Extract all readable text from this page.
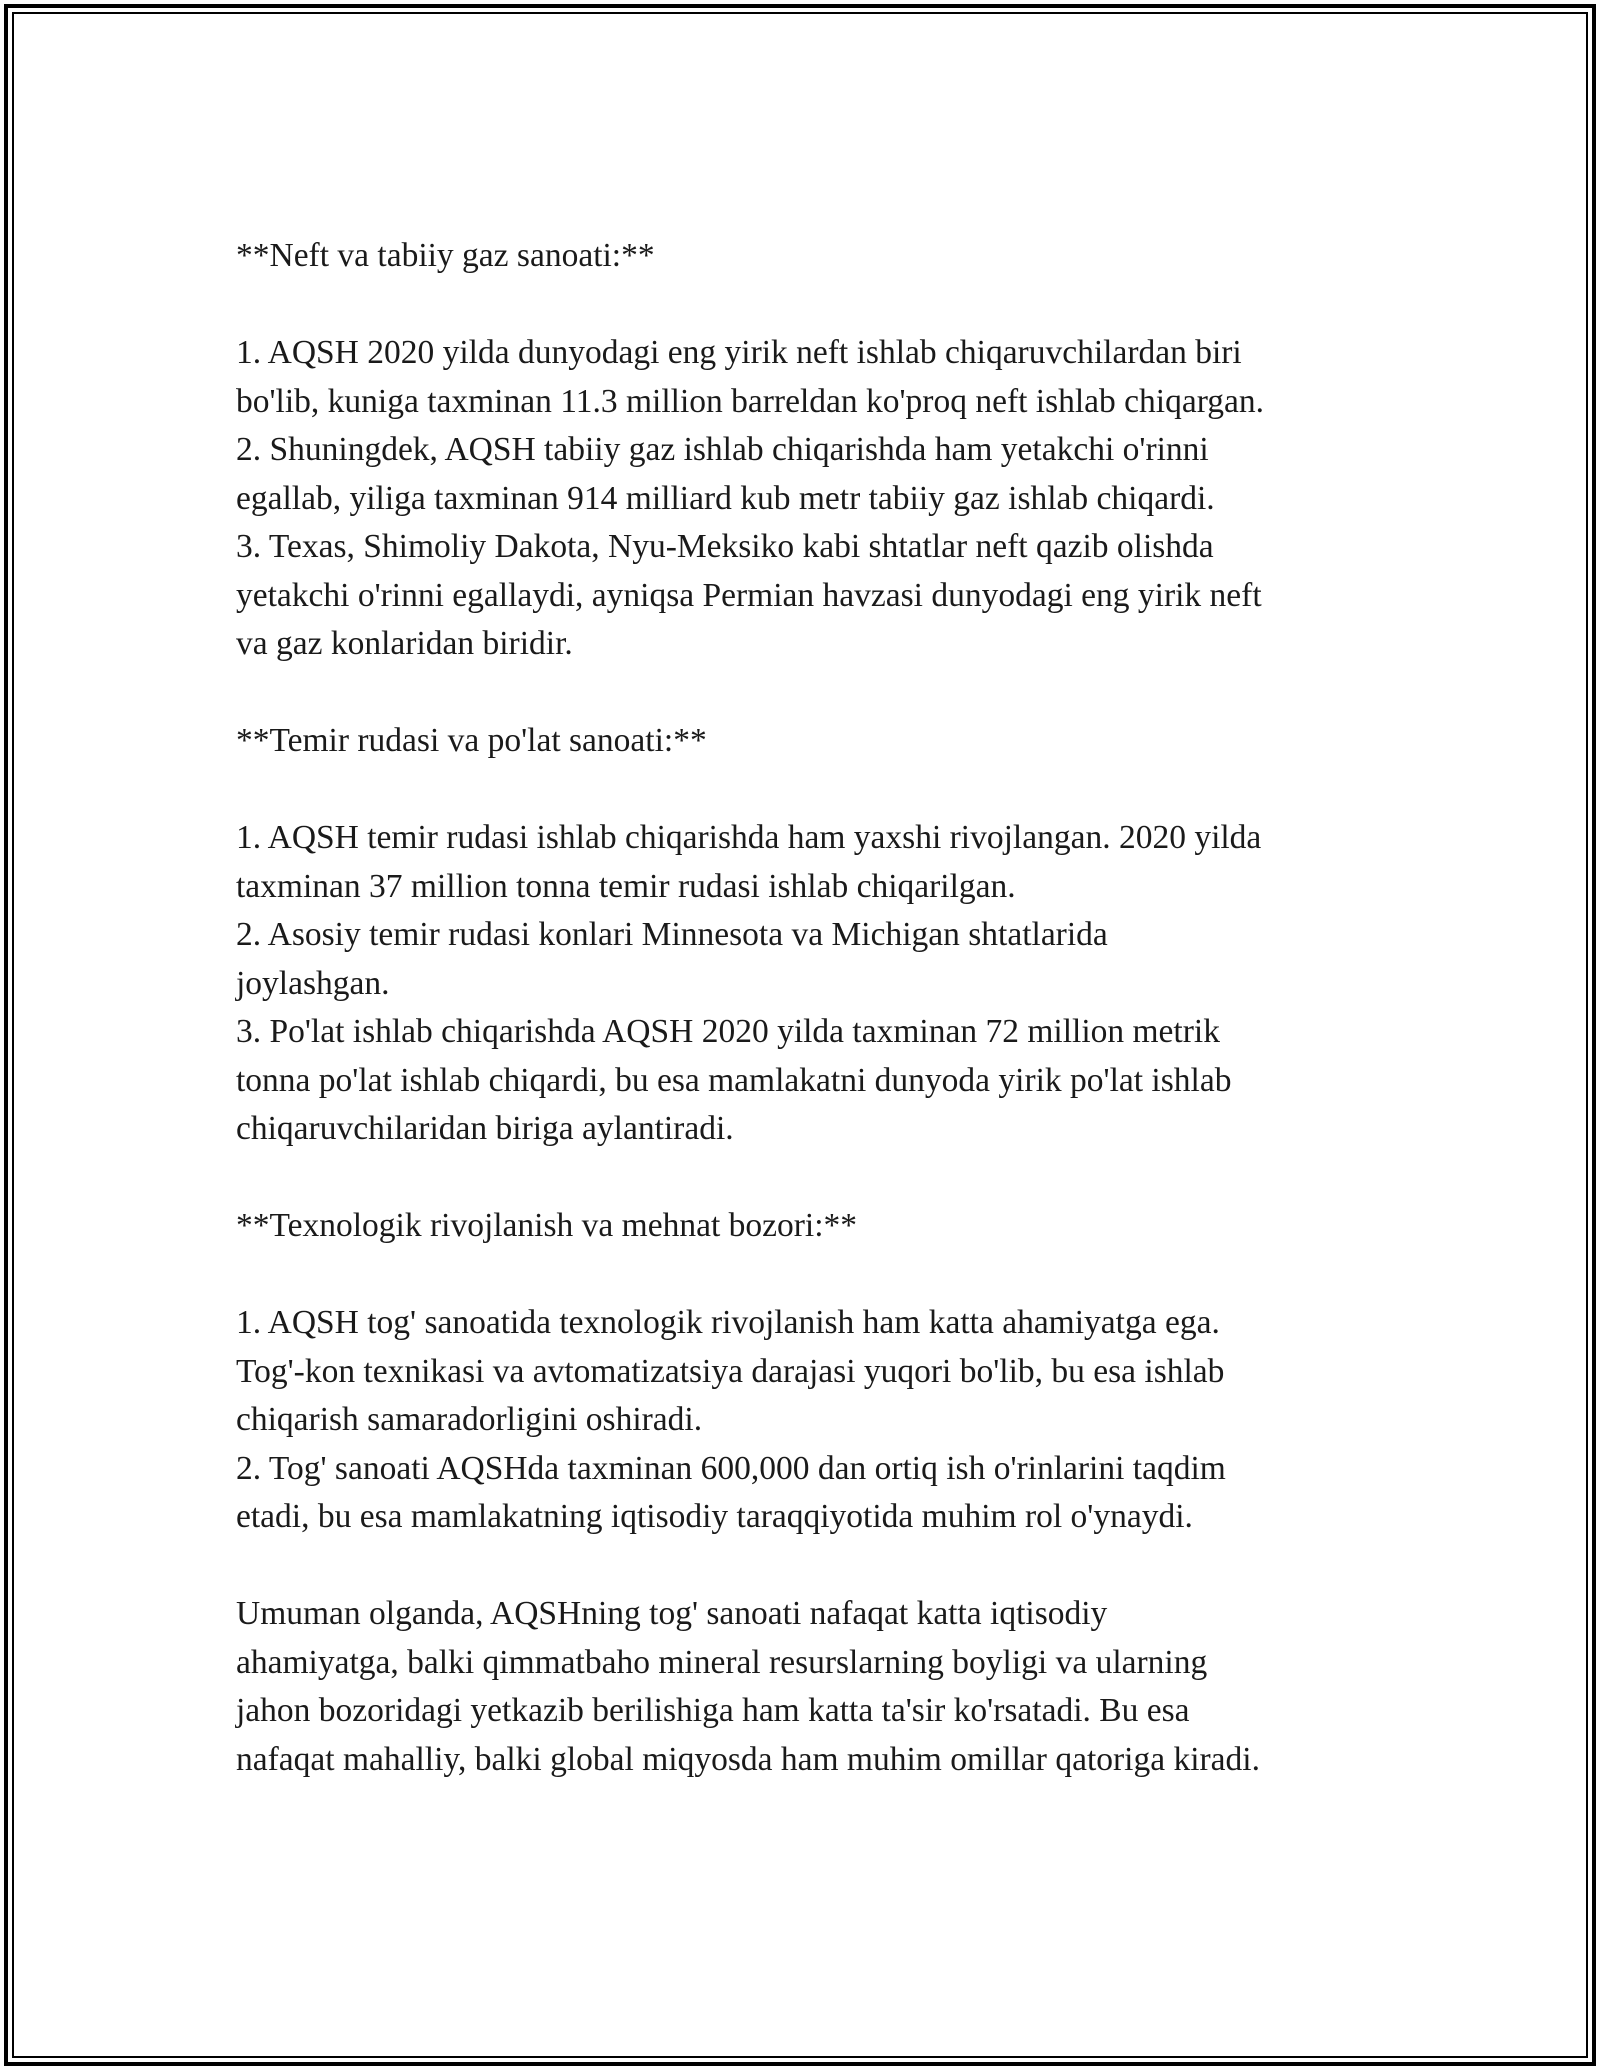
**Neft va tabiiy gaz sanoati:**
1. AQSH 2020 yilda dunyodagi eng yirik neft ishlab chiqaruvchilardan biri
bo'lib, kuniga taxminan 11.3 million barreldan ko'proq neft ishlab chiqargan.
2. Shuningdek, AQSH tabiiy gaz ishlab chiqarishda ham yetakchi o'rinni
egallab, yiliga taxminan 914 milliard kub metr tabiiy gaz ishlab chiqardi.
3. Texas, Shimoliy Dakota, Nyu-Meksiko kabi shtatlar neft qazib olishda
yetakchi o'rinni egallaydi, ayniqsa Permian havzasi dunyodagi eng yirik neft
va gaz konlaridan biridir.
**Temir rudasi va po'lat sanoati:**
1. AQSH temir rudasi ishlab chiqarishda ham yaxshi rivojlangan. 2020 yilda
taxminan 37 million tonna temir rudasi ishlab chiqarilgan.
2. Asosiy temir rudasi konlari Minnesota va Michigan shtatlarida
joylashgan.
3. Po'lat ishlab chiqarishda AQSH 2020 yilda taxminan 72 million metrik
tonna po'lat ishlab chiqardi, bu esa mamlakatni dunyoda yirik po'lat ishlab
chiqaruvchilaridan biriga aylantiradi.
**Texnologik rivojlanish va mehnat bozori:**
1. AQSH tog' sanoatida texnologik rivojlanish ham katta ahamiyatga ega.
Tog'-kon texnikasi va avtomatizatsiya darajasi yuqori bo'lib, bu esa ishlab
chiqarish samaradorligini oshiradi.
2. Tog' sanoati AQSHda taxminan 600,000 dan ortiq ish o'rinlarini taqdim
etadi, bu esa mamlakatning iqtisodiy taraqqiyotida muhim rol o'ynaydi.
Umuman olganda, AQSHning tog' sanoati nafaqat katta iqtisodiy
ahamiyatga, balki qimmatbaho mineral resurslarning boyligi va ularning
jahon bozoridagi yetkazib berilishiga ham katta ta'sir ko'rsatadi. Bu esa
nafaqat mahalliy, balki global miqyosda ham muhim omillar qatoriga kiradi.
